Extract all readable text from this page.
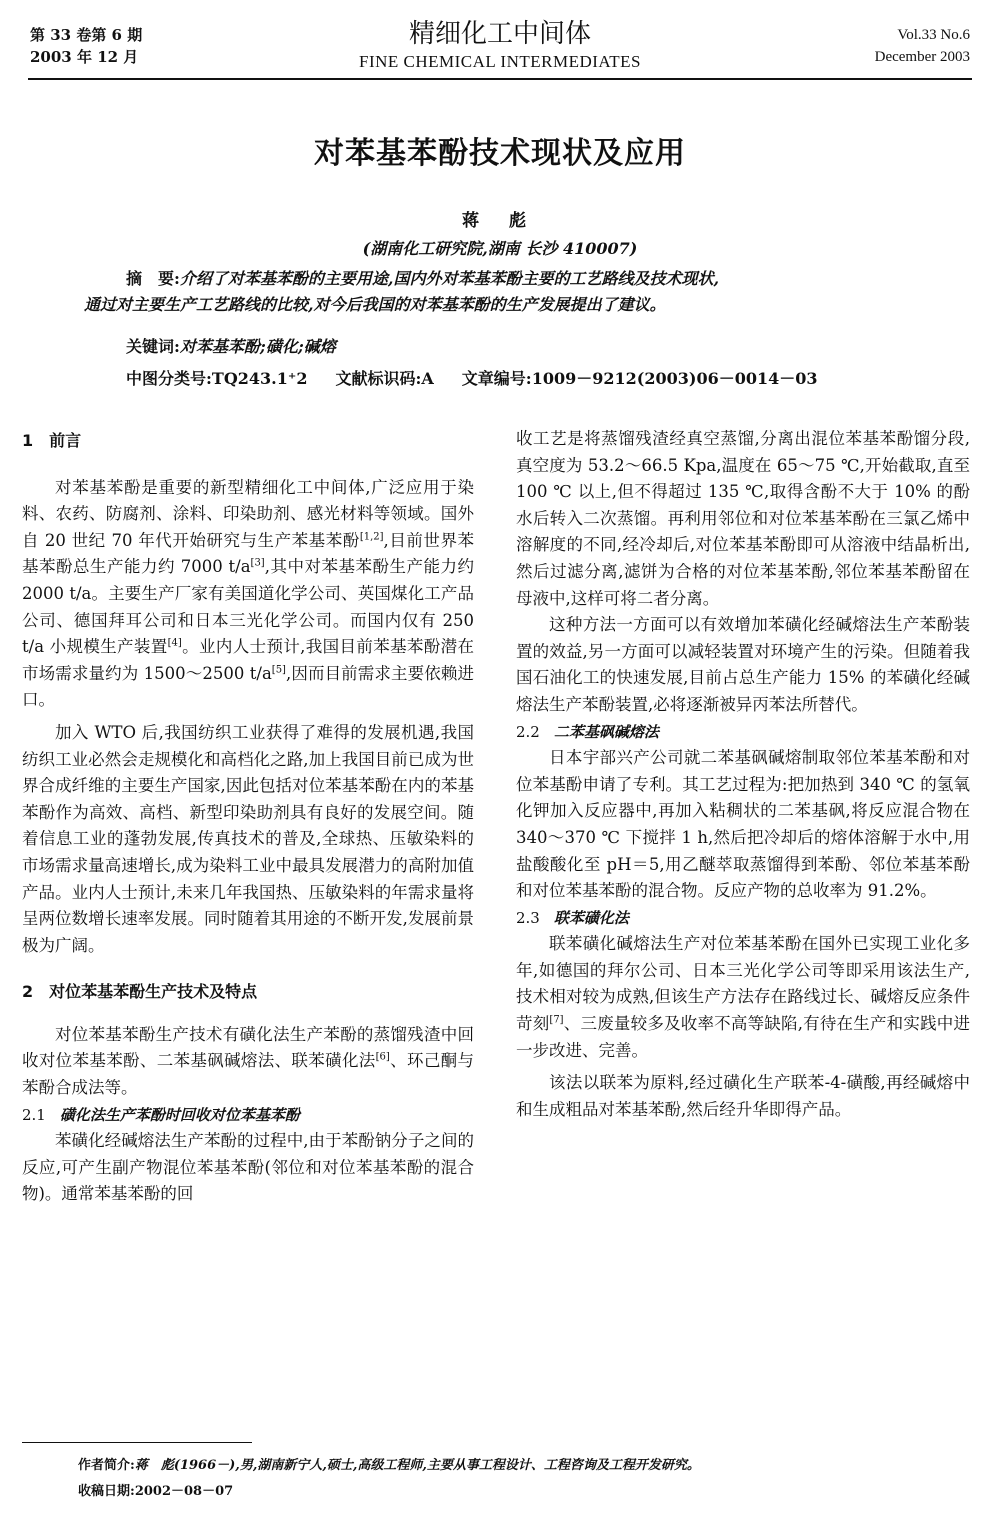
第 33 卷第 6 期
2003 年 12 月
精细化工中间体
FINE CHEMICAL INTERMEDIATES
Vol.33 No.6
December 2003
对苯基苯酚技术现状及应用
蒋 彪
(湖南化工研究院,湖南 长沙 410007)

摘　要:介绍了对苯基苯酚的主要用途,国内外对苯基苯酚主要的工艺路线及技术现状,

通过对主要生产工艺路线的比较,对今后我国的对苯基苯酚的生产发展提出了建议。

关键词:对苯基苯酚;磺化;碱熔
中图分类号:TQ243.1⁺2 文献标识码:A 文章编号:1009－9212(2003)06－0014－03
1　前言

对苯基苯酚是重要的新型精细化工中间体,广泛应用于染料、农药、防腐剂、涂料、印染助剂、感光材料等领域。国外自 20 世纪 70 年代开始研究与生产苯基苯酚[1,2],目前世界苯基苯酚总生产能力约 7000 t/a[3],其中对苯基苯酚生产能力约 2000 t/a。主要生产厂家有美国道化学公司、英国煤化工产品公司、德国拜耳公司和日本三光化学公司。而国内仅有 250 t/a 小规模生产装置[4]。业内人士预计,我国目前苯基苯酚潜在市场需求量约为 1500～2500 t/a[5],因而目前需求主要依赖进口。

加入 WTO 后,我国纺织工业获得了难得的发展机遇,我国纺织工业必然会走规模化和高档化之路,加上我国目前已成为世界合成纤维的主要生产国家,因此包括对位苯基苯酚在内的苯基苯酚作为高效、高档、新型印染助剂具有良好的发展空间。随着信息工业的蓬勃发展,传真技术的普及,全球热、压敏染料的市场需求量高速增长,成为染料工业中最具发展潜力的高附加值产品。业内人士预计,未来几年我国热、压敏染料的年需求量将呈两位数增长速率发展。同时随着其用途的不断开发,发展前景极为广阔。

2　对位苯基苯酚生产技术及特点

对位苯基苯酚生产技术有磺化法生产苯酚的蒸馏残渣中回收对位苯基苯酚、二苯基砜碱熔法、联苯磺化法[6]、环己酮与苯酚合成法等。

2.1 磺化法生产苯酚时回收对位苯基苯酚

苯磺化经碱熔法生产苯酚的过程中,由于苯酚钠分子之间的反应,可产生副产物混位苯基苯酚(邻位和对位苯基苯酚的混合物)。通常苯基苯酚的回

收工艺是将蒸馏残渣经真空蒸馏,分离出混位苯基苯酚馏分段,真空度为 53.2～66.5 Kpa,温度在 65～75 ℃,开始截取,直至 100 ℃ 以上,但不得超过 135 ℃,取得含酚不大于 10% 的酚水后转入二次蒸馏。再利用邻位和对位苯基苯酚在三氯乙烯中溶解度的不同,经冷却后,对位苯基苯酚即可从溶液中结晶析出,然后过滤分离,滤饼为合格的对位苯基苯酚,邻位苯基苯酚留在母液中,这样可将二者分离。

这种方法一方面可以有效增加苯磺化经碱熔法生产苯酚装置的效益,另一方面可以减轻装置对环境产生的污染。但随着我国石油化工的快速发展,目前占总生产能力 15% 的苯磺化经碱熔法生产苯酚装置,必将逐渐被异丙苯法所替代。

2.2 二苯基砜碱熔法

日本宇部兴产公司就二苯基砜碱熔制取邻位苯基苯酚和对位苯基酚申请了专利。其工艺过程为:把加热到 340 ℃ 的氢氧化钾加入反应器中,再加入粘稠状的二苯基砜,将反应混合物在 340～370 ℃ 下搅拌 1 h,然后把冷却后的熔体溶解于水中,用盐酸酸化至 pH＝5,用乙醚萃取蒸馏得到苯酚、邻位苯基苯酚和对位苯基苯酚的混合物。反应产物的总收率为 91.2%。

2.3 联苯磺化法

联苯磺化碱熔法生产对位苯基苯酚在国外已实现工业化多年,如德国的拜尔公司、日本三光化学公司等即采用该法生产,技术相对较为成熟,但该生产方法存在路线过长、碱熔反应条件苛刻[7]、三废量较多及收率不高等缺陷,有待在生产和实践中进一步改进、完善。

该法以联苯为原料,经过磺化生产联苯-4-磺酸,再经碱熔中和生成粗品对苯基苯酚,然后经升华即得产品。

作者简介:蒋　彪(1966－),男,湖南新宁人,硕士,高级工程师,主要从事工程设计、工程咨询及工程开发研究。
收稿日期:2002－08－07
